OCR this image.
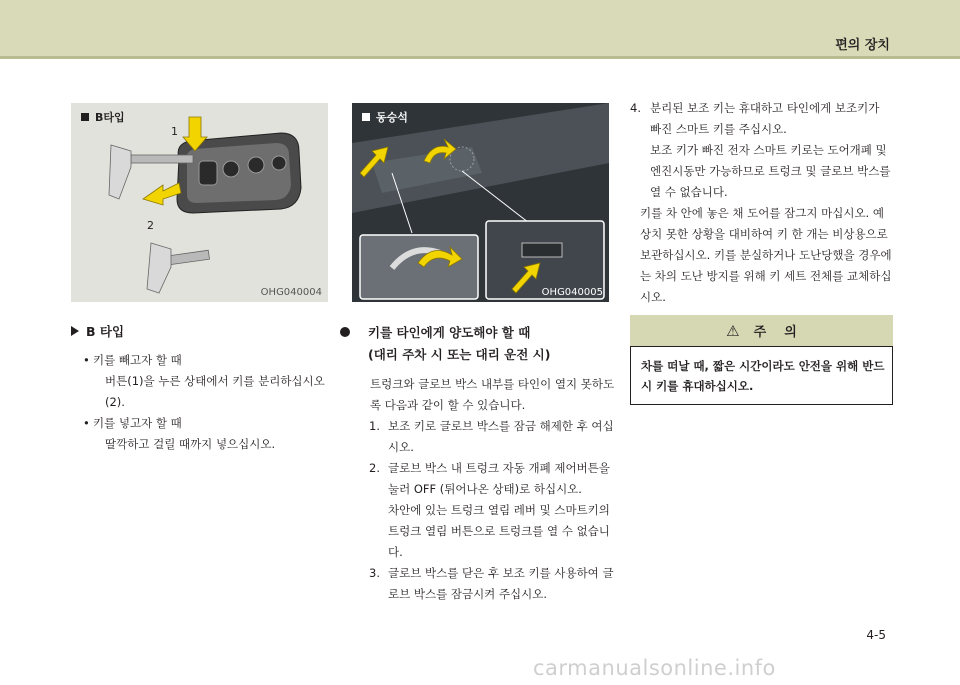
편의 장치
B타입
1
2
OHG040004
동승석
OHG040005
B 타입
• 키를 빼고자 할 때
버튼(1)을 누른 상태에서 키를 분리하십시오(2).
• 키를 넣고자 할 때
딸깍하고 걸릴 때까지 넣으십시오.
키를 타인에게 양도해야 할 때
(대리 주차 시 또는 대리 운전 시)
트렁크와 글로브 박스 내부를 타인이 열지 못하도록 다음과 같이 할 수 있습니다.
1. 보조 키로 글로브 박스를 잠금 해제한 후 여십시오.
2. 글로브 박스 내 트렁크 자동 개폐 제어버튼을 눌러 OFF (튀어나온 상태)로 하십시오.
차안에 있는 트렁크 열림 레버 및 스마트키의 트렁크 열림 버튼으로 트렁크를 열 수 없습니다.
3. 글로브 박스를 닫은 후 보조 키를 사용하여 글로브 박스를 잠금시켜 주십시오.
4. 분리된 보조 키는 휴대하고 타인에게 보조키가 빠진 스마트 키를 주십시오.
보조 키가 빠진 전자 스마트 키로는 도어개폐 및 엔진시동만 가능하므로 트렁크 및 글로브 박스를 열 수 없습니다.
키를 차 안에 놓은 채 도어를 잠그지 마십시오. 예상치 못한 상황을 대비하여 키 한 개는 비상용으로 보관하십시오. 키를 분실하거나 도난당했을 경우에는 차의 도난 방지를 위해 키 세트 전체를 교체하십시오.
⚠ 주    의
차를 떠날 때, 짧은 시간이라도 안전을 위해 반드시 키를 휴대하십시오.
4-5
carmanualsonline.info
